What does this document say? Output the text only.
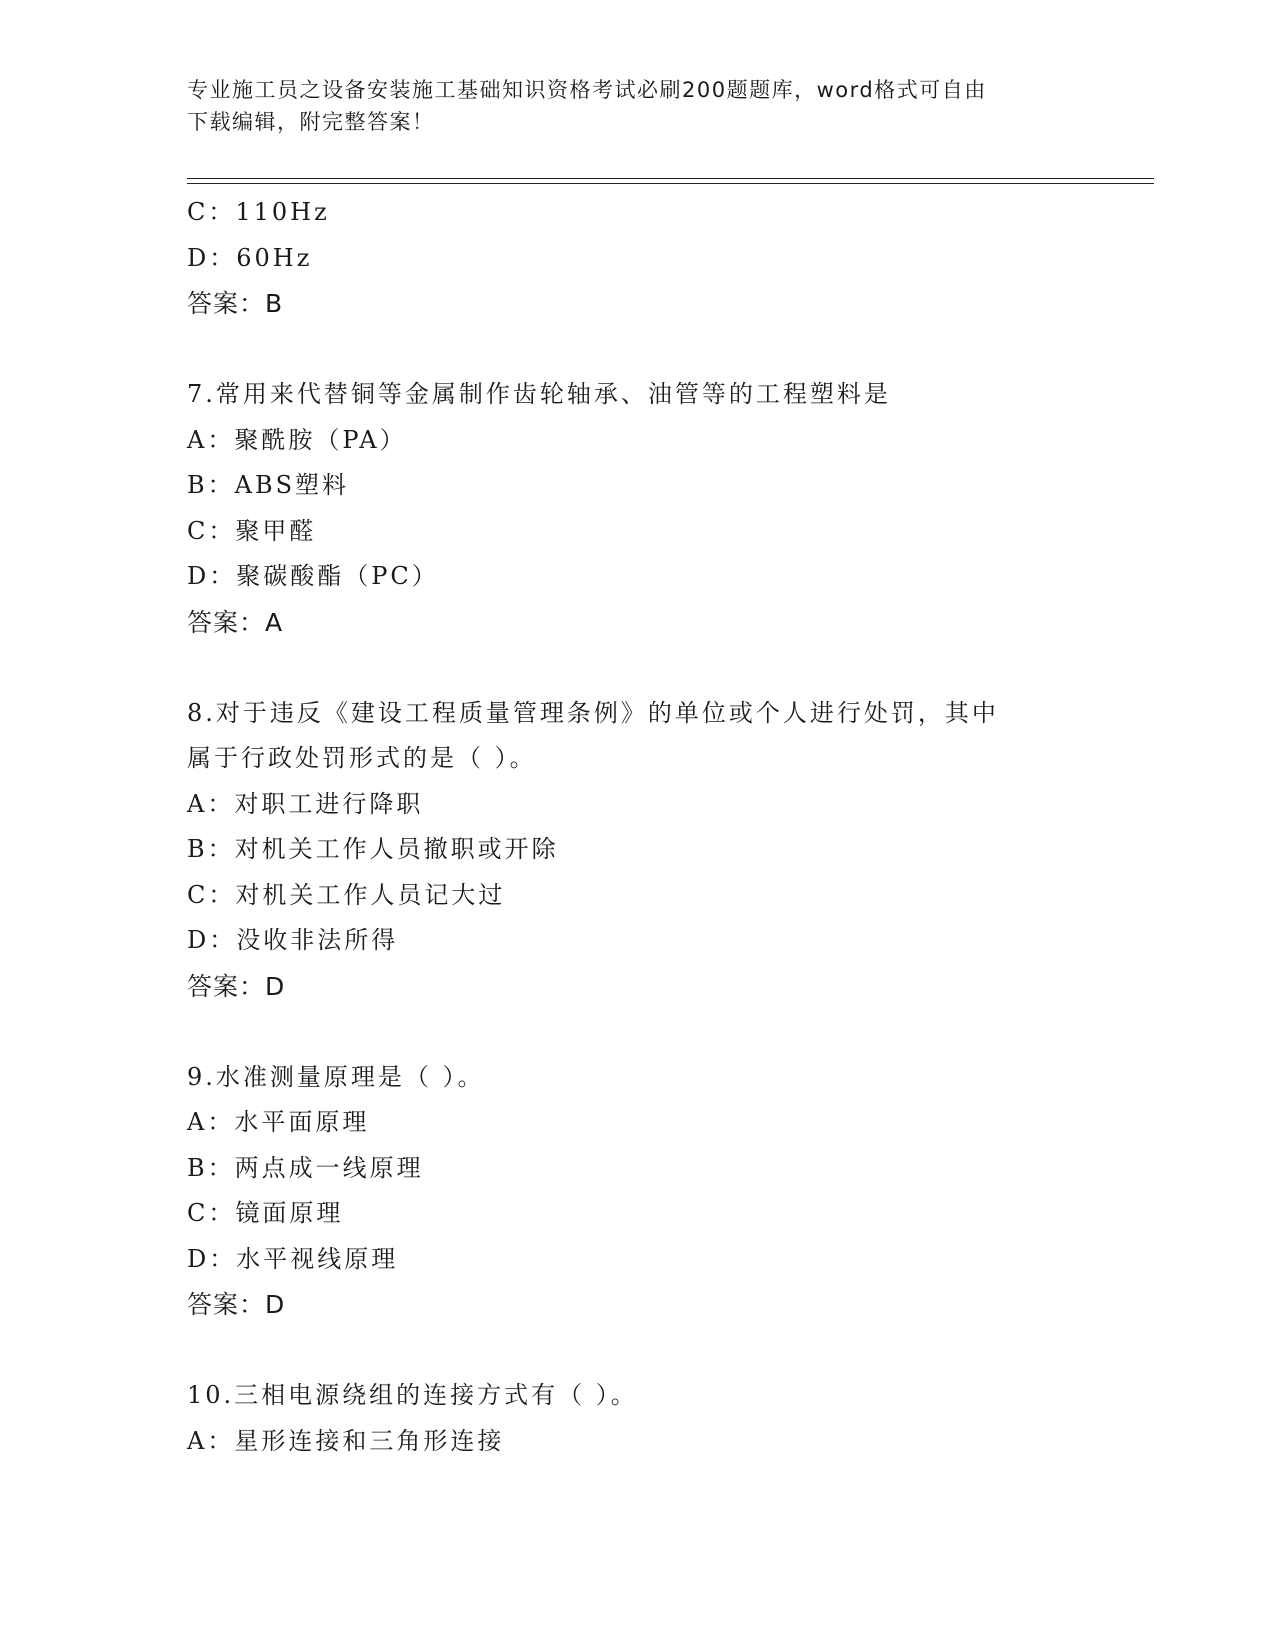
专业施工员之设备安装施工基础知识资格考试必刷200题题库，word格式可自由
下载编辑，附完整答案！
C：110Hz
D：60Hz
答案：B
7.常用来代替铜等金属制作齿轮轴承、油管等的工程塑料是
A：聚酰胺（PA）
B：ABS塑料
C：聚甲醛
D：聚碳酸酯（PC）
答案：A
8.对于违反《建设工程质量管理条例》的单位或个人进行处罚，其中
属于行政处罚形式的是（ ）。
A：对职工进行降职
B：对机关工作人员撤职或开除
C：对机关工作人员记大过
D：没收非法所得
答案：D
9.水准测量原理是（ ）。
A：水平面原理
B：两点成一线原理
C：镜面原理
D：水平视线原理
答案：D
10.三相电源绕组的连接方式有（ ）。
A：星形连接和三角形连接
